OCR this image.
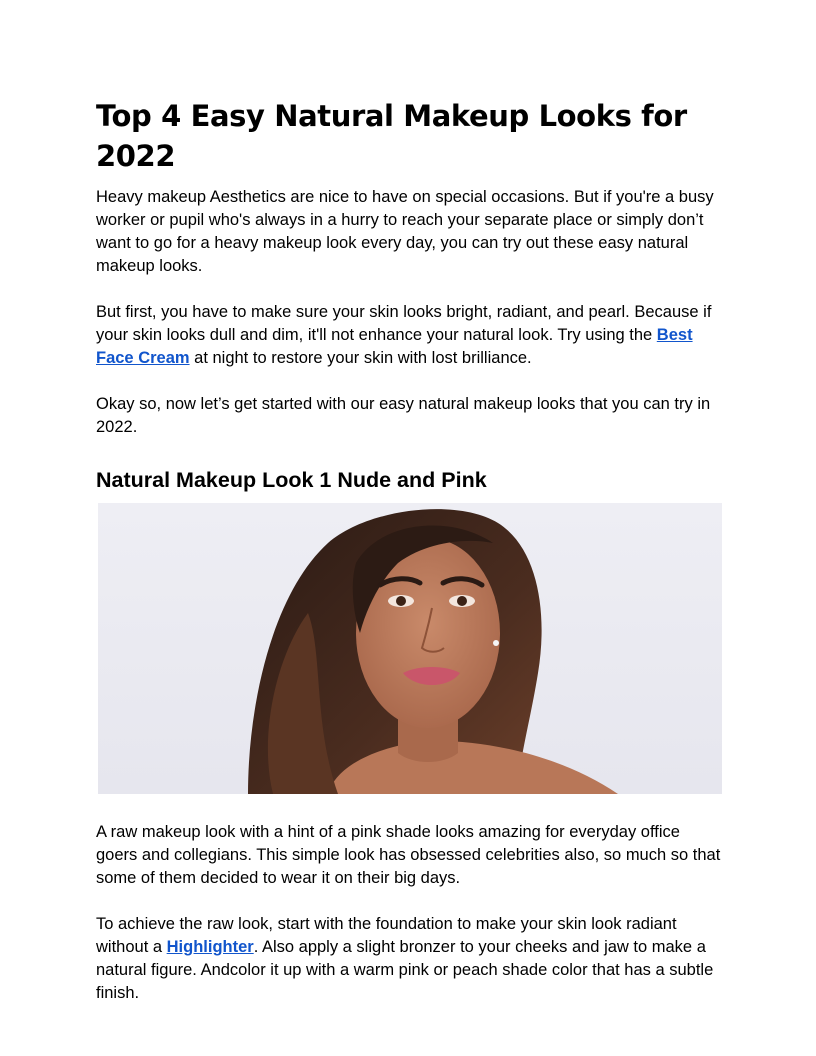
Top 4 Easy Natural Makeup Looks for 2022

Heavy makeup Aesthetics are nice to have on special occasions. But if you're a busy worker or pupil who's always in a hurry to reach your separate place or simply don’t want to go for a heavy makeup look every day, you can try out these easy natural makeup looks.

But first, you have to make sure your skin looks bright, radiant, and pearl. Because if your skin looks dull and dim, it'll not enhance your natural look. Try using the Best Face Cream at night to restore your skin with lost brilliance.

Okay so, now let’s get started with our easy natural makeup looks that you can try in 2022.

Natural Makeup Look 1 Nude and Pink

A raw makeup look with a hint of a pink shade looks amazing for everyday office goers and collegians. This simple look has obsessed celebrities also, so much so that some of them decided to wear it on their big days.

To achieve the raw look, start with the foundation to make your skin look radiant without a Highlighter. Also apply a slight bronzer to your cheeks and jaw to make a natural figure. Andcolor it up with a warm pink or peach shade color that has a subtle finish.
